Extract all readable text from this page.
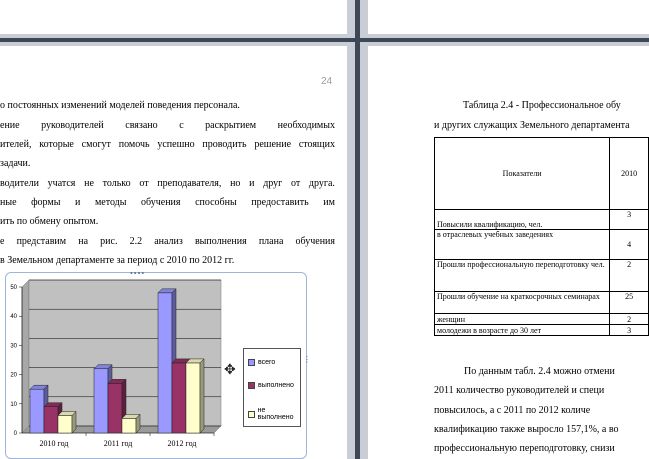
24
о постоянных изменений моделей поведения персонала.
ение руководителей связано с раскрытием необходимых
ителей, которые смогут помочь успешно проводить решение стоящих
задачи.
водители учатся не только от преподавателя, но и друг от друга.
ные формы и методы обучения способны предоставить им
ить по обмену опытом.
е представим на рис. 2.2 анализ выполнения плана обучения
в Земельном департаменте за период с 2010 по 2012 гг.
••••
⋮
0
10
20
30
40
50
2010 год	2011 год	2012 год
всего
выполнено
не выполнено
✥
Таблица 2.4 - Профессиональное обу
и других служащих Земельного департамента
Показатели	2010
Повысили квалификацию, чел.	3
в отраслевых учебных заведениях	4
Прошли профессиональную переподготовку чел.	2
Прошли обучение на краткосрочных семинарах	25
женщин	2
молодежи в возрасте до 30 лет	3
По данным табл. 2.4 можно отмени
2011 количество руководителей и специ
повысилось, а с 2011 по 2012 количе
квалификацию также выросло 157,1%, а во
профессиональную переподготовку, снизи
